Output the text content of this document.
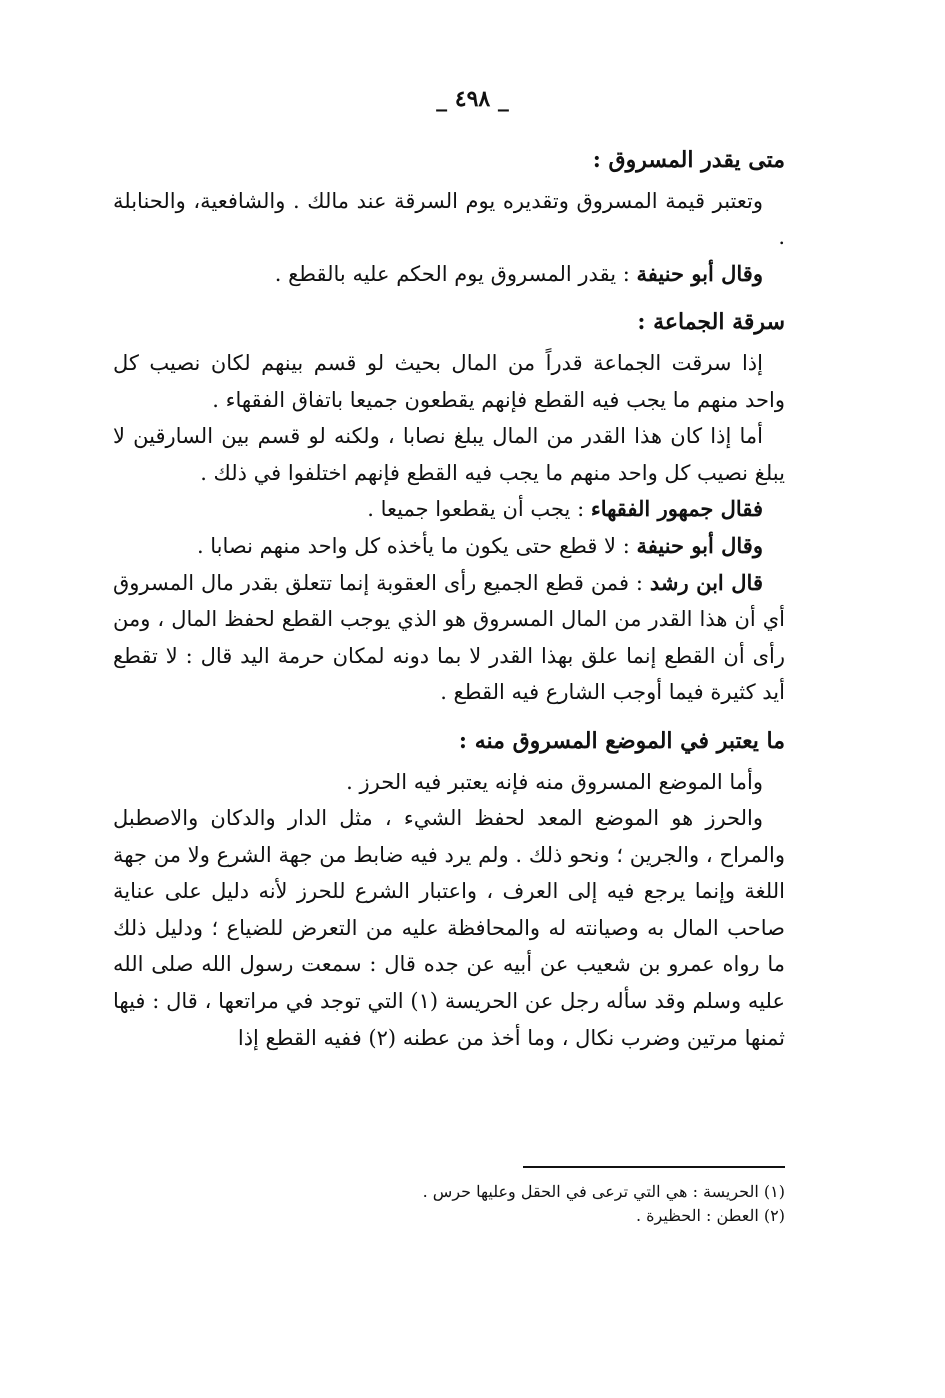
_ ٤٩٨ _

متى يقدر المسروق :

وتعتبر قيمة المسروق وتقديره يوم السرقة عند مالك . والشافعية، والحنابلة .

وقال أبو حنيفة : يقدر المسروق يوم الحكم عليه بالقطع .

سرقة الجماعة :

إذا سرقت الجماعة قدراً من المال بحيث لو قسم بينهم لكان نصيب كل واحد منهم ما يجب فيه القطع فإنهم يقطعون جميعا باتفاق الفقهاء .

أما إذا كان هذا القدر من المال يبلغ نصابا ، ولكنه لو قسم بين السارقين لا يبلغ نصيب كل واحد منهم ما يجب فيه القطع فإنهم اختلفوا في ذلك .

فقال جمهور الفقهاء : يجب أن يقطعوا جميعا .

وقال أبو حنيفة : لا قطع حتى يكون ما يأخذه كل واحد منهم نصابا .

قال ابن رشد : فمن قطع الجميع رأى العقوبة إنما تتعلق بقدر مال المسروق أي أن هذا القدر من المال المسروق هو الذي يوجب القطع لحفظ المال ، ومن رأى أن القطع إنما علق بهذا القدر لا بما دونه لمكان حرمة اليد قال : لا تقطع أيد كثيرة فيما أوجب الشارع فيه القطع .

ما يعتبر في الموضع المسروق منه :

وأما الموضع المسروق منه فإنه يعتبر فيه الحرز .

والحرز هو الموضع المعد لحفظ الشيء ، مثل الدار والدكان والاصطبل والمراح ، والجرين ؛ ونحو ذلك . ولم يرد فيه ضابط من جهة الشرع ولا من جهة اللغة وإنما يرجع فيه إلى العرف ، واعتبار الشرع للحرز لأنه دليل على عناية صاحب المال به وصيانته له والمحافظة عليه من التعرض للضياع ؛ ودليل ذلك ما رواه عمرو بن شعيب عن أبيه عن جده قال : سمعت رسول الله صلى الله عليه وسلم وقد سأله رجل عن الحريسة (١) التي توجد في مراتعها ، قال : فيها ثمنها مرتين وضرب نكال ، وما أخذ من عطنه (٢) ففيه القطع إذا

(١) الحريسة : هي التي ترعى في الحقل وعليها حرس .

(٢) العطن : الحظيرة .
